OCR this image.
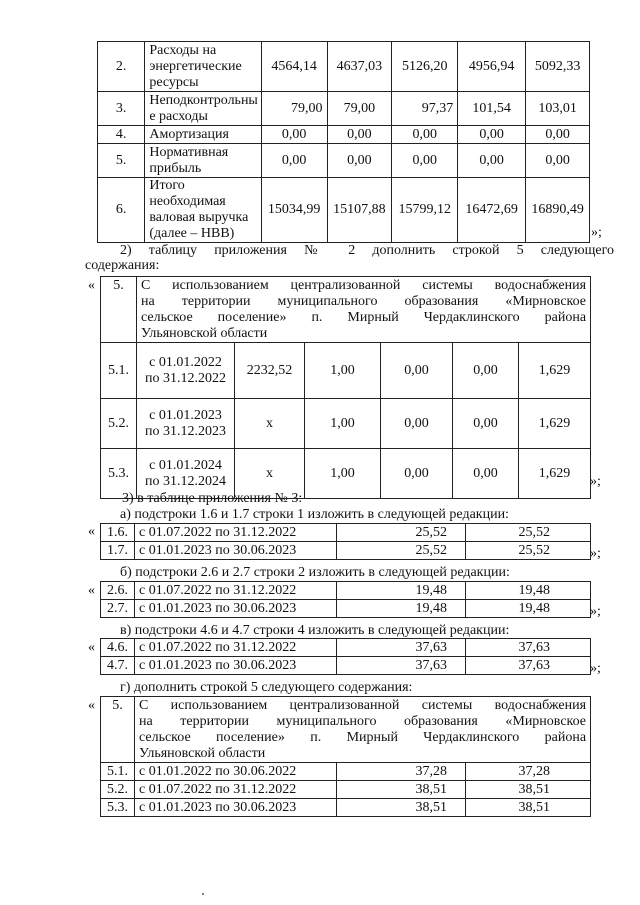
2.	Расходы на
энергетические
ресурсы	4564,14	4637,03	5126,20	4956,94	5092,33
3.	Неподконтрольны
е расходы	79,00	79,00	97,37	101,54	103,01
4.	Амортизация	0,00	0,00	0,00	0,00	0,00
5.	Нормативная
прибыль	0,00	0,00	0,00	0,00	0,00
6.	Итого
необходимая
валовая выручка
(далее – НВВ)	15034,99	15107,88	15799,12	16472,69	16890,49
»;
2) таблицу приложения № 2 дополнить строкой 5 следующего
содержания:
« 5.	С использованием централизованной системы водоснабжения
на территории муниципального образования «Мирновское
сельское поселение» п. Мирный Чердаклинского района
Ульяновской области					

5.1.	с 01.01.2022
по 31.12.2022	2232,52	1,00	0,00	0,00	1,629
5.2.	с 01.01.2023
по 31.12.2023	х	1,00	0,00	0,00	1,629
5.3.	с 01.01.2024
по 31.12.2024	х	1,00	0,00	0,00	1,629
»;
3) в таблице приложения № 3:
а) подстроки 1.6 и 1.7 строки 1 изложить в следующей редакции:
« 1.6.	с 01.07.2022 по 31.12.2022	25,52	25,52
1.7.	с 01.01.2023 по 30.06.2023	25,52	25,52	»;
б) подстроки 2.6 и 2.7 строки 2 изложить в следующей редакции:
« 2.6.	с 01.07.2022 по 31.12.2022	19,48	19,48
2.7.	с 01.01.2023 по 30.06.2023	19,48	19,48	»;
в) подстроки 4.6 и 4.7 строки 4 изложить в следующей редакции:
« 4.6.	с 01.07.2022 по 31.12.2022	37,63	37,63
4.7.	с 01.01.2023 по 30.06.2023	37,63	37,63	»;
г) дополнить строкой 5 следующего содержания:
« 5.	С использованием централизованной системы водоснабжения
на территории муниципального образования «Мирновское
сельское поселение» п. Мирный Чердаклинского района
Ульяновской области		

5.1.	с 01.01.2022 по 30.06.2022	37,28	37,28
5.2.	с 01.07.2022 по 31.12.2022	38,51	38,51
5.3.	с 01.01.2023 по 30.06.2023	38,51	38,51
